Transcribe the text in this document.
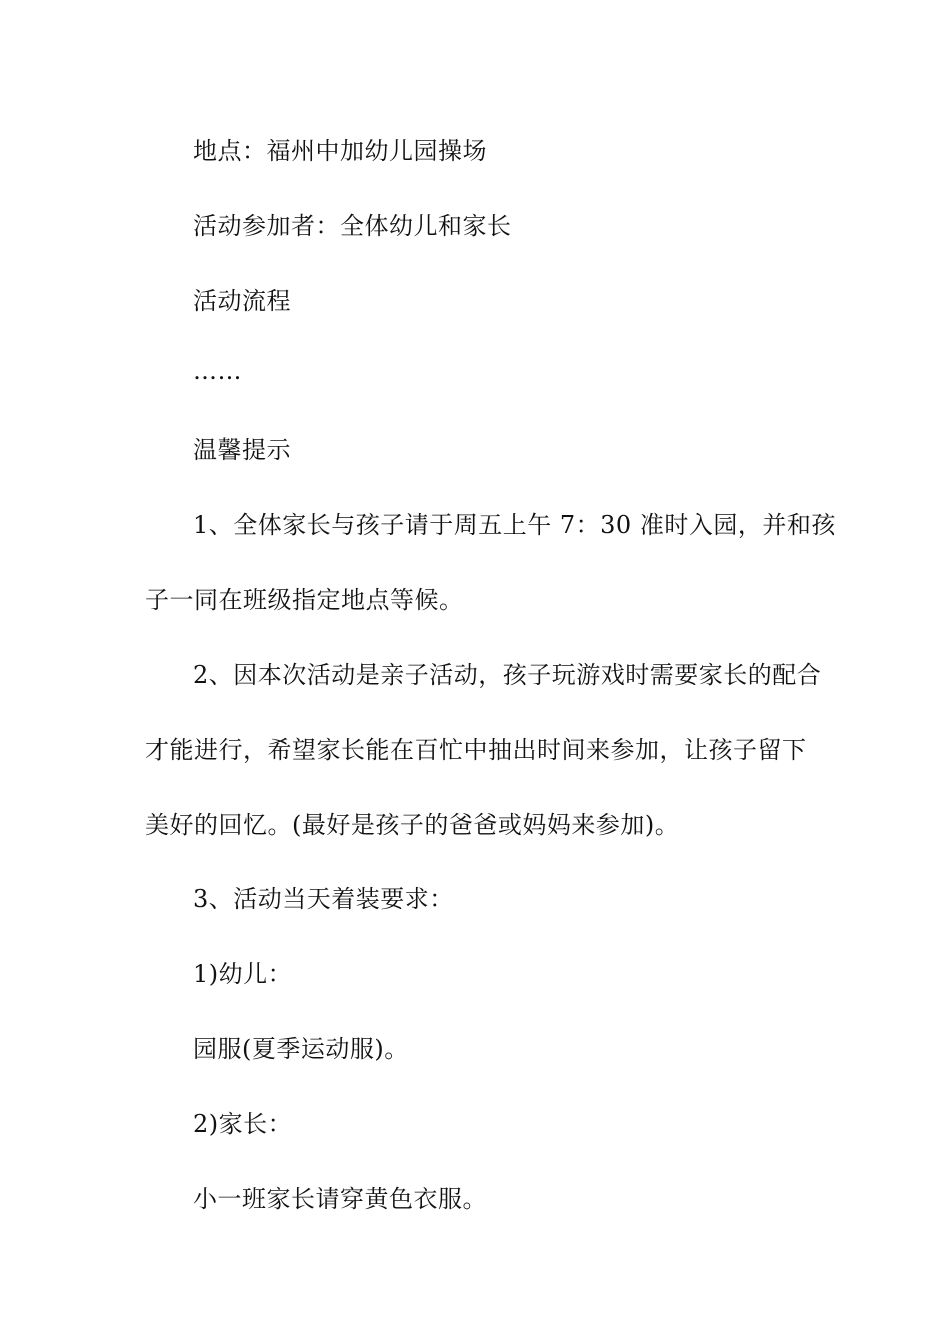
地点：福州中加幼儿园操场
活动参加者：全体幼儿和家长
活动流程
……
温馨提示
1、全体家长与孩子请于周五上午 7：30 准时入园，并和孩
子一同在班级指定地点等候。
2、因本次活动是亲子活动，孩子玩游戏时需要家长的配合
才能进行，希望家长能在百忙中抽出时间来参加，让孩子留下
美好的回忆。(最好是孩子的爸爸或妈妈来参加)。
3、活动当天着装要求：
1)幼儿：
园服(夏季运动服)。
2)家长：
小一班家长请穿黄色衣服。
